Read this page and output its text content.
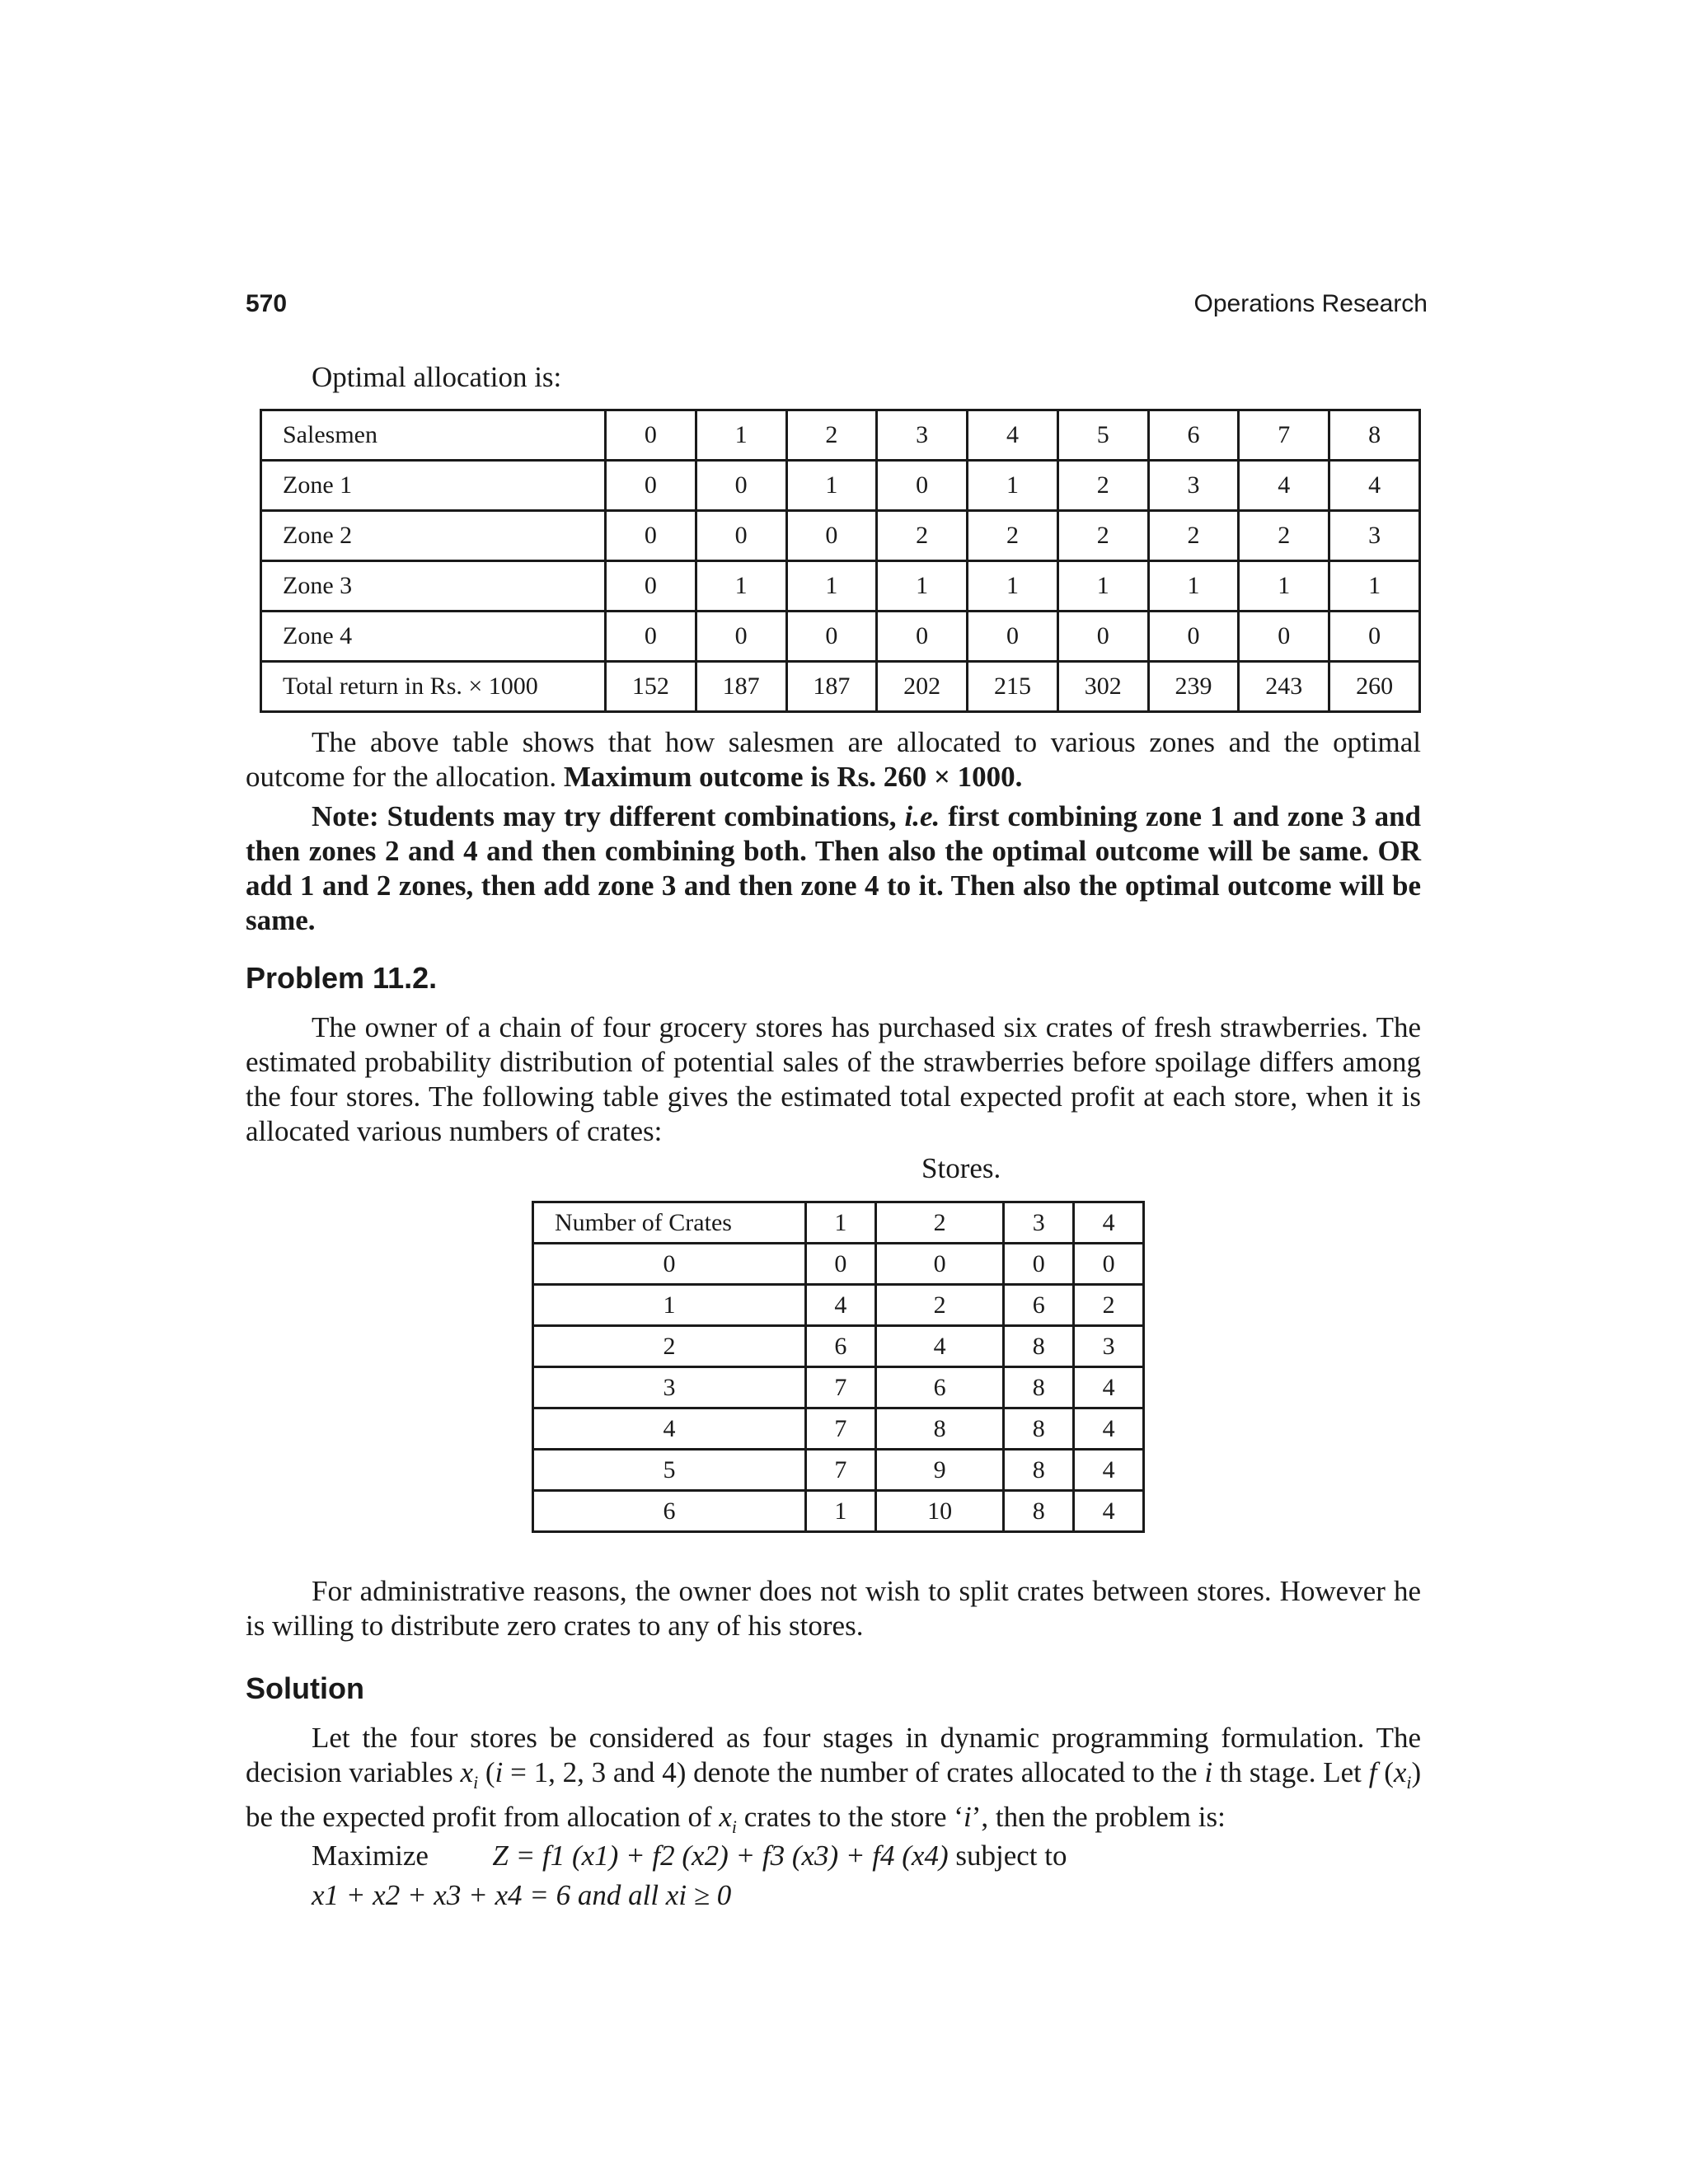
570	Operations Research
Optimal allocation is:
Salesmen	0	1	2	3	4	5	6	7	8
Zone 1	0	0	1	0	1	2	3	4	4
Zone 2	0	0	0	2	2	2	2	2	3
Zone 3	0	1	1	1	1	1	1	1	1
Zone 4	0	0	0	0	0	0	0	0	0
Total return in Rs. × 1000	152	187	187	202	215	302	239	243	260
The above table shows that how salesmen are allocated to various zones and the optimal outcome for the allocation. Maximum outcome is Rs. 260 × 1000.
Note: Students may try different combinations, i.e. first combining zone 1 and zone 3 and then zones 2 and 4 and then combining both. Then also the optimal outcome will be same. OR add 1 and 2 zones, then add zone 3 and then zone 4 to it. Then also the optimal outcome will be same.
Problem 11.2.
The owner of a chain of four grocery stores has purchased six crates of fresh strawberries. The estimated probability distribution of potential sales of the strawberries before spoilage differs among the four stores. The following table gives the estimated total expected profit at each store, when it is allocated various numbers of crates:
Stores.
Number of Crates	1	2	3	4
0	0	0	0	0
1	4	2	6	2
2	6	4	8	3
3	7	6	8	4
4	7	8	8	4
5	7	9	8	4
6	1	10	8	4
For administrative reasons, the owner does not wish to split crates between stores. However he is willing to distribute zero crates to any of his stores.
Solution
Let the four stores be considered as four stages in dynamic programming formulation. The decision variables $x_i$ (i = 1, 2, 3 and 4) denote the number of crates allocated to the i th stage. Let f $(x_i)$ be the expected profit from allocation of $x_i$ crates to the store ‘i’, then the problem is:
Maximize Z = f1 (x1) + f2 (x2) + f3 (x3) + f4 (x4) subject to
x1 + x2 + x3 + x4 = 6 and all xi ≥ 0
